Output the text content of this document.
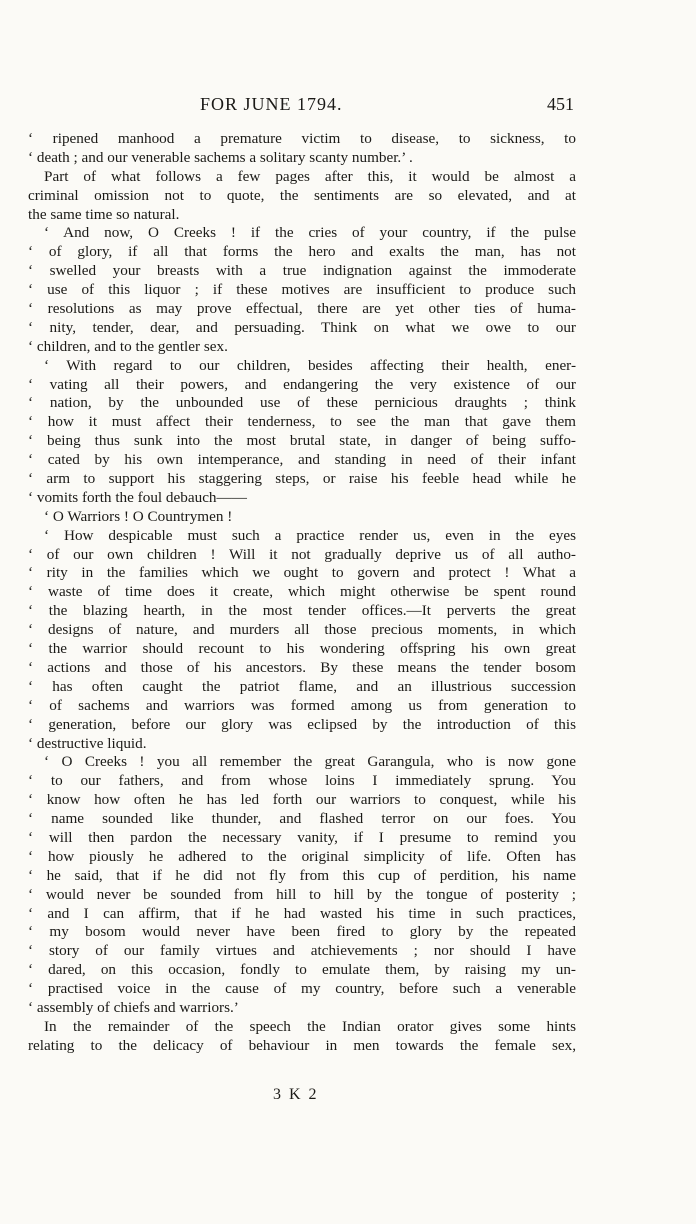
FOR JUNE 1794.	451
‘ ripened manhood a premature victim to disease, to sickness, to
‘ death ; and our venerable sachems a solitary scanty number.’ .
Part of what follows a few pages after this, it would be almost a
criminal omission not to quote, the sentiments are so elevated, and at
the same time so natural.
‘ And now, O Creeks ! if the cries of your country, if the pulse
‘ of glory, if all that forms the hero and exalts the man, has not
‘ swelled your breasts with a true indignation against the immoderate
‘ use of this liquor ; if these motives are insufficient to produce such
‘ resolutions as may prove effectual, there are yet other ties of huma-
‘ nity, tender, dear, and persuading. Think on what we owe to our
‘ children, and to the gentler sex.
‘ With regard to our children, besides affecting their health, ener-
‘ vating all their powers, and endangering the very existence of our
‘ nation, by the unbounded use of these pernicious draughts ; think
‘ how it must affect their tenderness, to see the man that gave them
‘ being thus sunk into the most brutal state, in danger of being suffo-
‘ cated by his own intemperance, and standing in need of their infant
‘ arm to support his staggering steps, or raise his feeble head while he
‘ vomits forth the foul debauch——
‘ O Warriors ! O Countrymen !
‘ How despicable must such a practice render us, even in the eyes
‘ of our own children ! Will it not gradually deprive us of all autho-
‘ rity in the families which we ought to govern and protect ! What a
‘ waste of time does it create, which might otherwise be spent round
‘ the blazing hearth, in the most tender offices.—It perverts the great
‘ designs of nature, and murders all those precious moments, in which
‘ the warrior should recount to his wondering offspring his own great
‘ actions and those of his ancestors. By these means the tender bosom
‘ has often caught the patriot flame, and an illustrious succession
‘ of sachems and warriors was formed among us from generation to
‘ generation, before our glory was eclipsed by the introduction of this
‘ destructive liquid.
‘ O Creeks ! you all remember the great Garangula, who is now gone
‘ to our fathers, and from whose loins I immediately sprung. You
‘ know how often he has led forth our warriors to conquest, while his
‘ name sounded like thunder, and flashed terror on our foes. You
‘ will then pardon the necessary vanity, if I presume to remind you
‘ how piously he adhered to the original simplicity of life. Often has
‘ he said, that if he did not fly from this cup of perdition, his name
‘ would never be sounded from hill to hill by the tongue of posterity ;
‘ and I can affirm, that if he had wasted his time in such practices,
‘ my bosom would never have been fired to glory by the repeated
‘ story of our family virtues and atchievements ; nor should I have
‘ dared, on this occasion, fondly to emulate them, by raising my un-
‘ practised voice in the cause of my country, before such a venerable
‘ assembly of chiefs and warriors.’
In the remainder of the speech the Indian orator gives some hints
relating to the delicacy of behaviour in men towards the female sex,
3 K 2
